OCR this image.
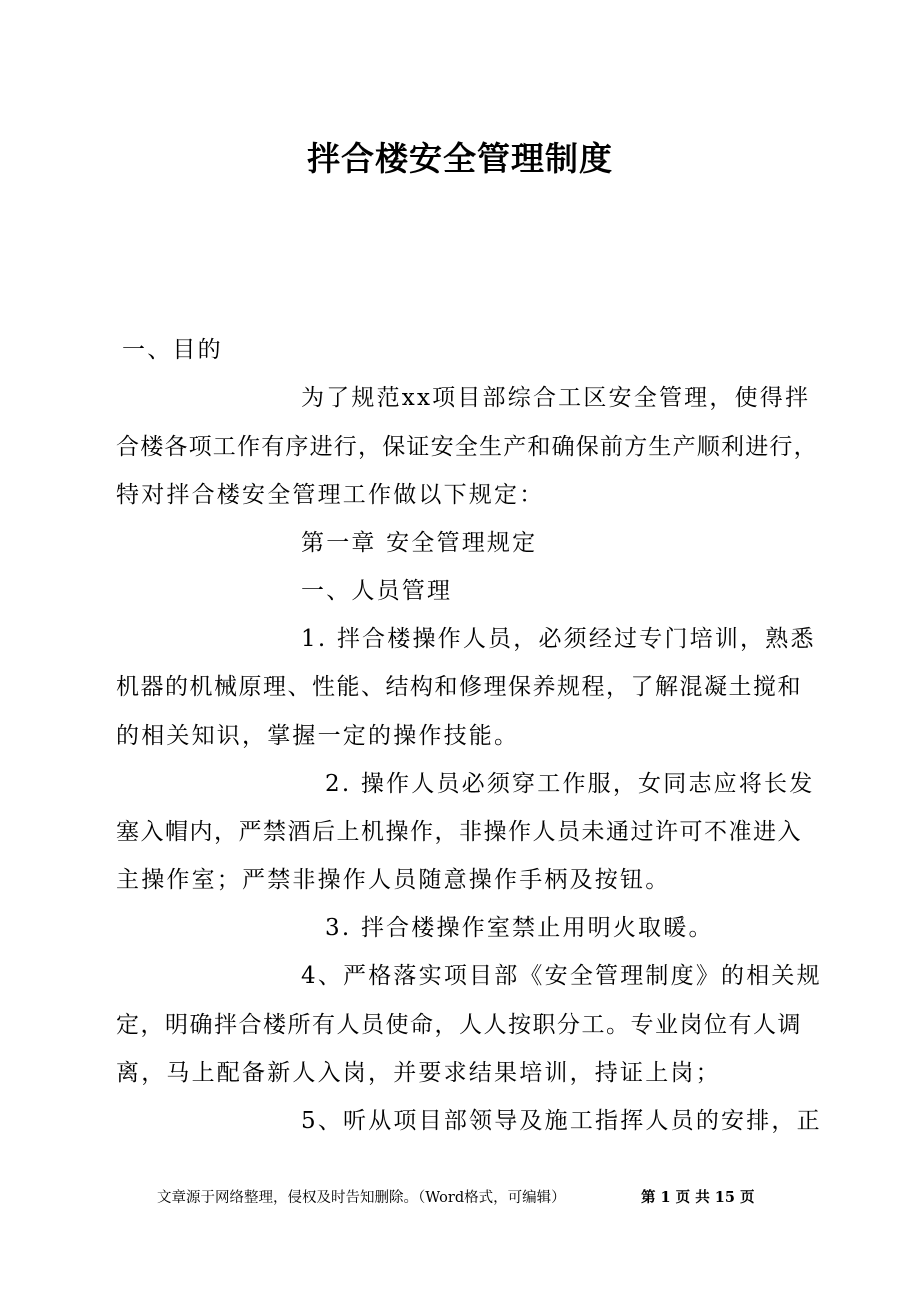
拌合楼安全管理制度
一、目的
为了规范xx项目部综合工区安全管理，使得拌
合楼各项工作有序进行，保证安全生产和确保前方生产顺利进行，
特对拌合楼安全管理工作做以下规定：
第一章 安全管理规定
一、人员管理
1. 拌合楼操作人员，必须经过专门培训，熟悉
机器的机械原理、性能、结构和修理保养规程，了解混凝土搅和
的相关知识，掌握一定的操作技能。
2. 操作人员必须穿工作服，女同志应将长发
塞入帽内，严禁酒后上机操作，非操作人员未通过许可不准进入
主操作室；严禁非操作人员随意操作手柄及按钮。
3. 拌合楼操作室禁止用明火取暖。
4、严格落实项目部《安全管理制度》的相关规
定，明确拌合楼所有人员使命，人人按职分工。专业岗位有人调
离，马上配备新人入岗，并要求结果培训，持证上岗；
5、听从项目部领导及施工指挥人员的安排，正
文章源于网络整理，侵权及时告知删除。（Word格式，可编辑）	第 1 页 共 15 页
